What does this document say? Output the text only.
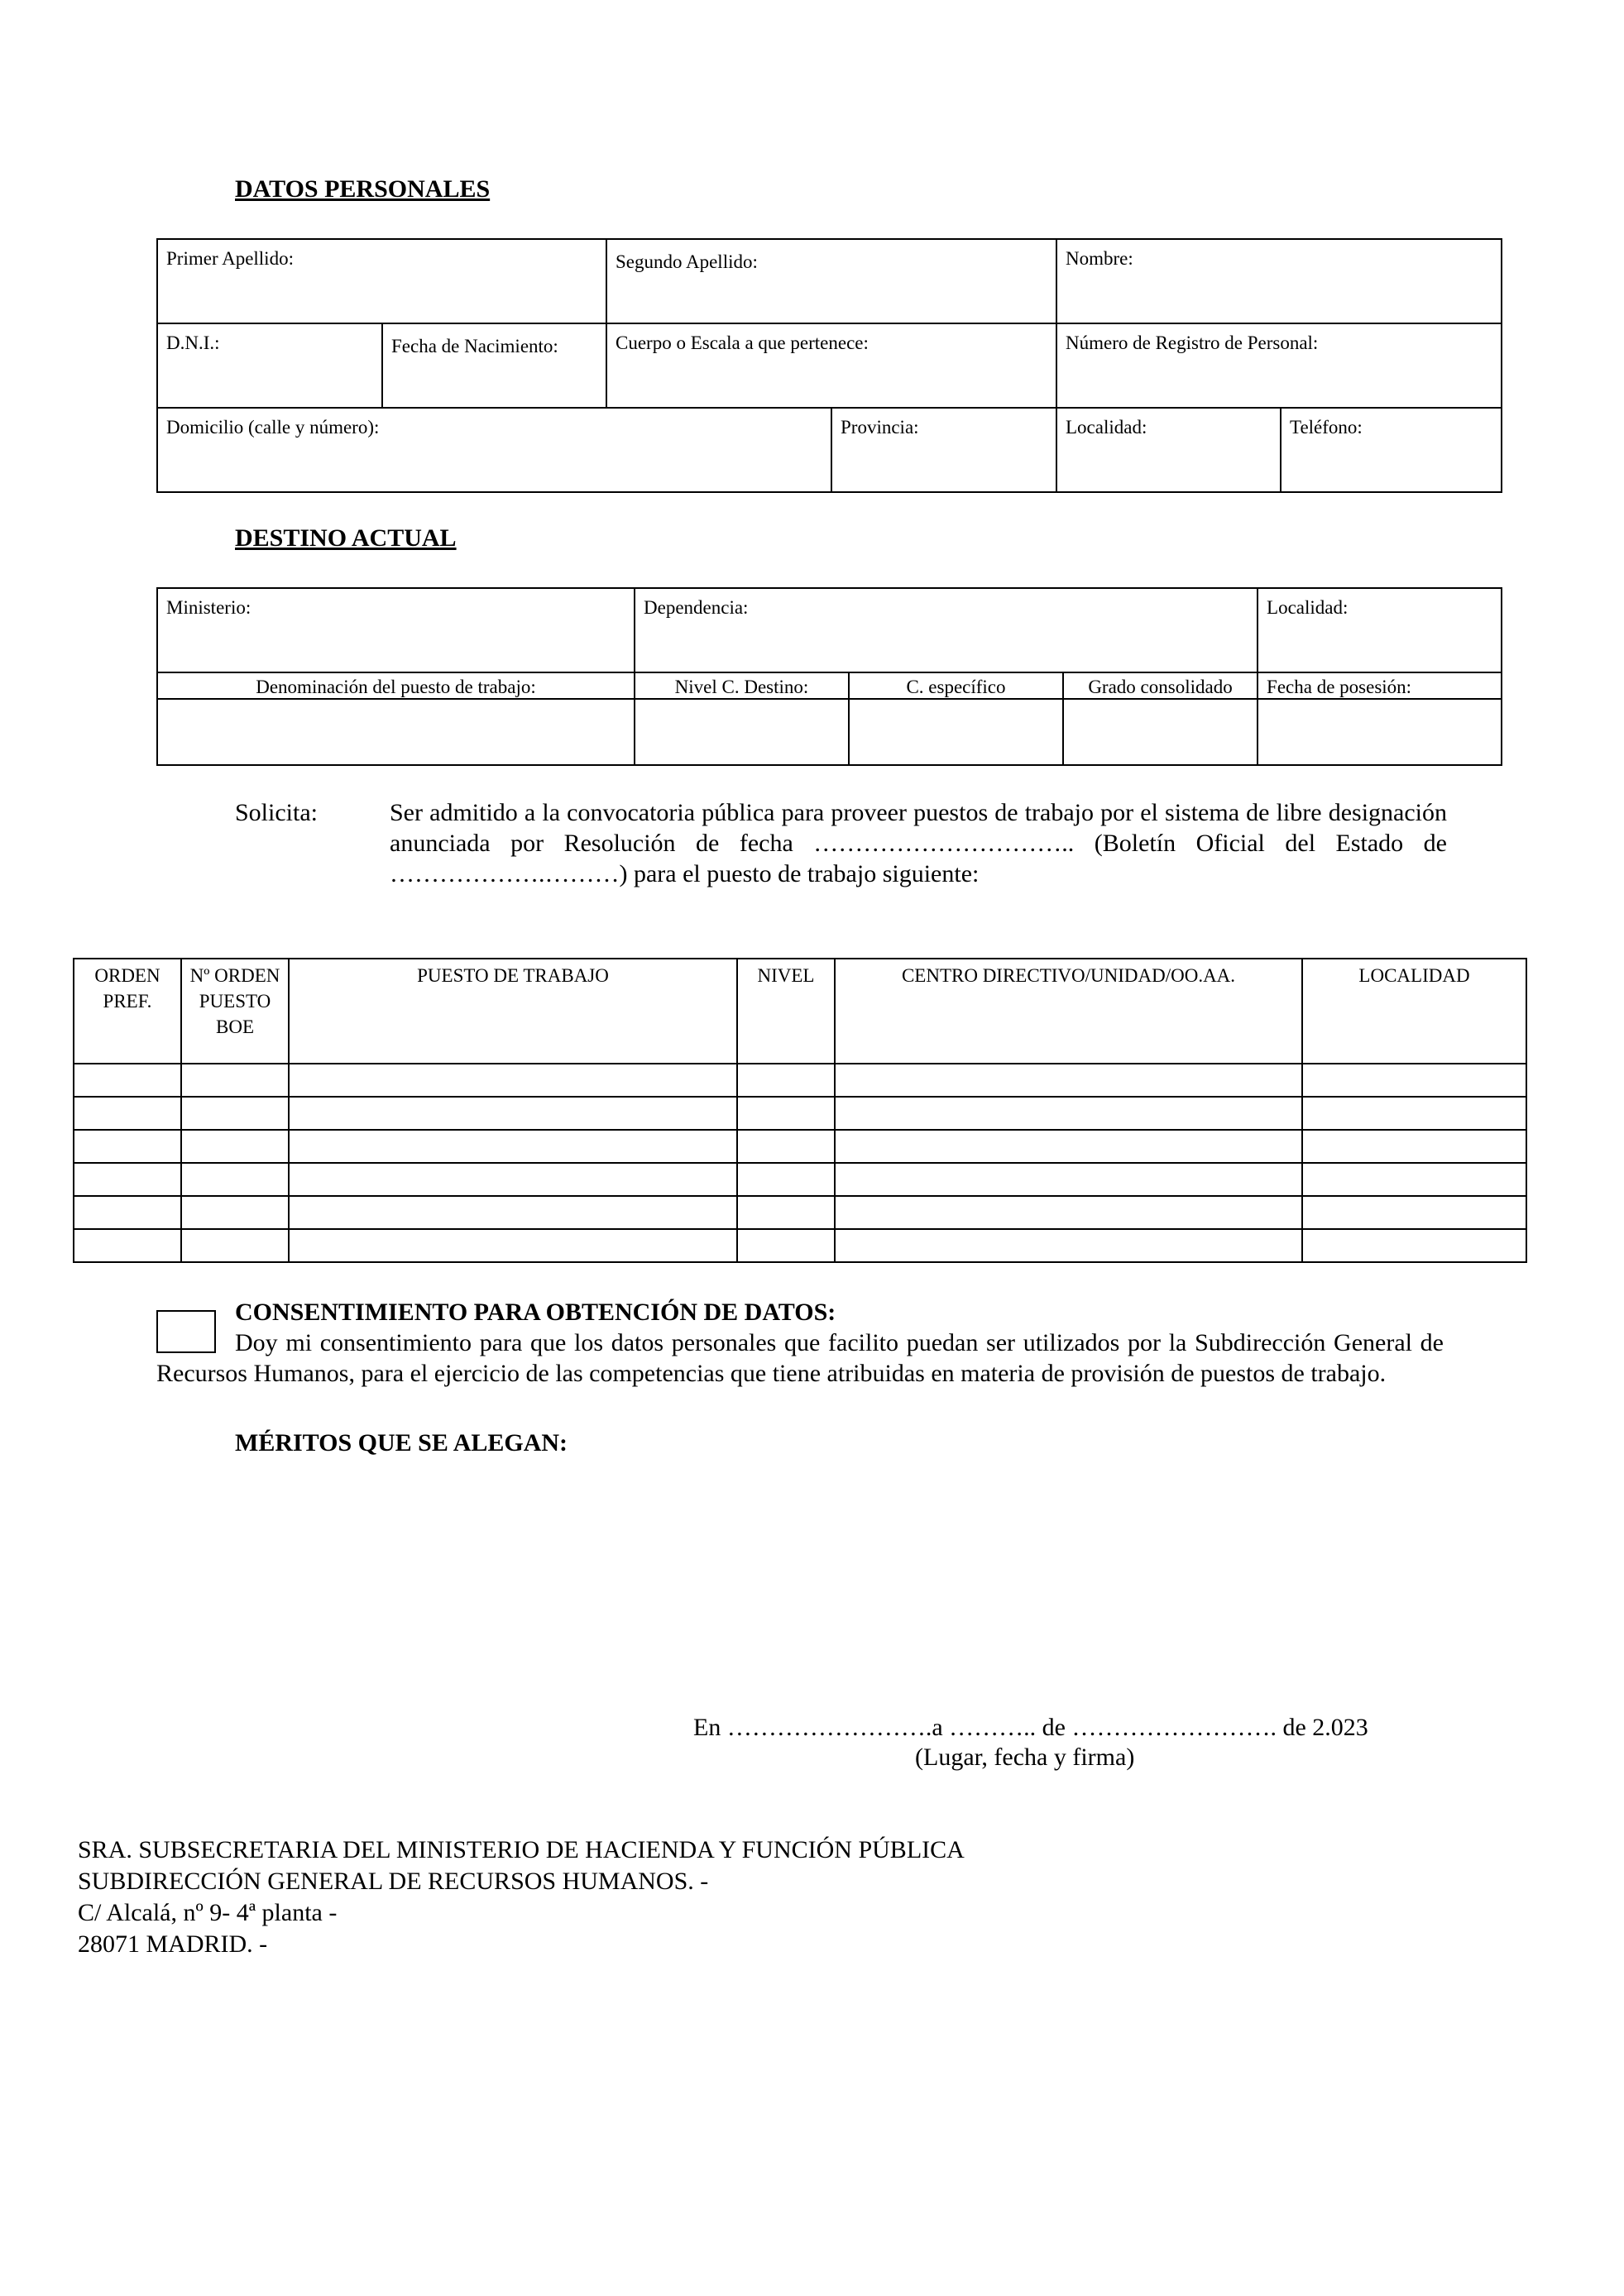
DATOS PERSONALES
Primer Apellido:		Segundo Apellido:		Nombre:	

D.N.I.:	Fecha de Nacimiento:	Cuerpo o Escala a que pertenece:		Número de Registro de Personal:	

Domicilio (calle y número):			Provincia:	Localidad:	Teléfono:
DESTINO ACTUAL
Ministerio:	Dependencia:			Localidad:

Denominación del puesto de trabajo:	Nivel C. Destino:	C. específico	Grado consolidado	Fecha de posesión:

Solicita:	Ser admitido a la convocatoria pública para proveer puestos de trabajo por el sistema de libre designación anunciada por Resolución de fecha ………………………….. (Boletín Oficial del Estado de ……………….………) para el puesto de trabajo siguiente:
ORDEN PREF.	Nº ORDEN PUESTO BOE	PUESTO DE TRABAJO	NIVEL	CENTRO DIRECTIVO/UNIDAD/OO.AA.	LOCALIDAD

CONSENTIMIENTO PARA OBTENCIÓN DE DATOS:

Doy mi consentimiento para que los datos personales que facilito puedan ser utilizados por la Subdirección General de Recursos Humanos, para el ejercicio de las competencias que tiene atribuidas en materia de provisión de puestos de trabajo.
MÉRITOS QUE SE ALEGAN:
En …………………….a ……….. de ……………………. de 2.023
(Lugar, fecha y firma)
SRA. SUBSECRETARIA DEL MINISTERIO DE HACIENDA Y FUNCIÓN PÚBLICA
SUBDIRECCIÓN GENERAL DE RECURSOS HUMANOS. -
C/ Alcalá, nº 9- 4ª planta -
28071 MADRID. -
